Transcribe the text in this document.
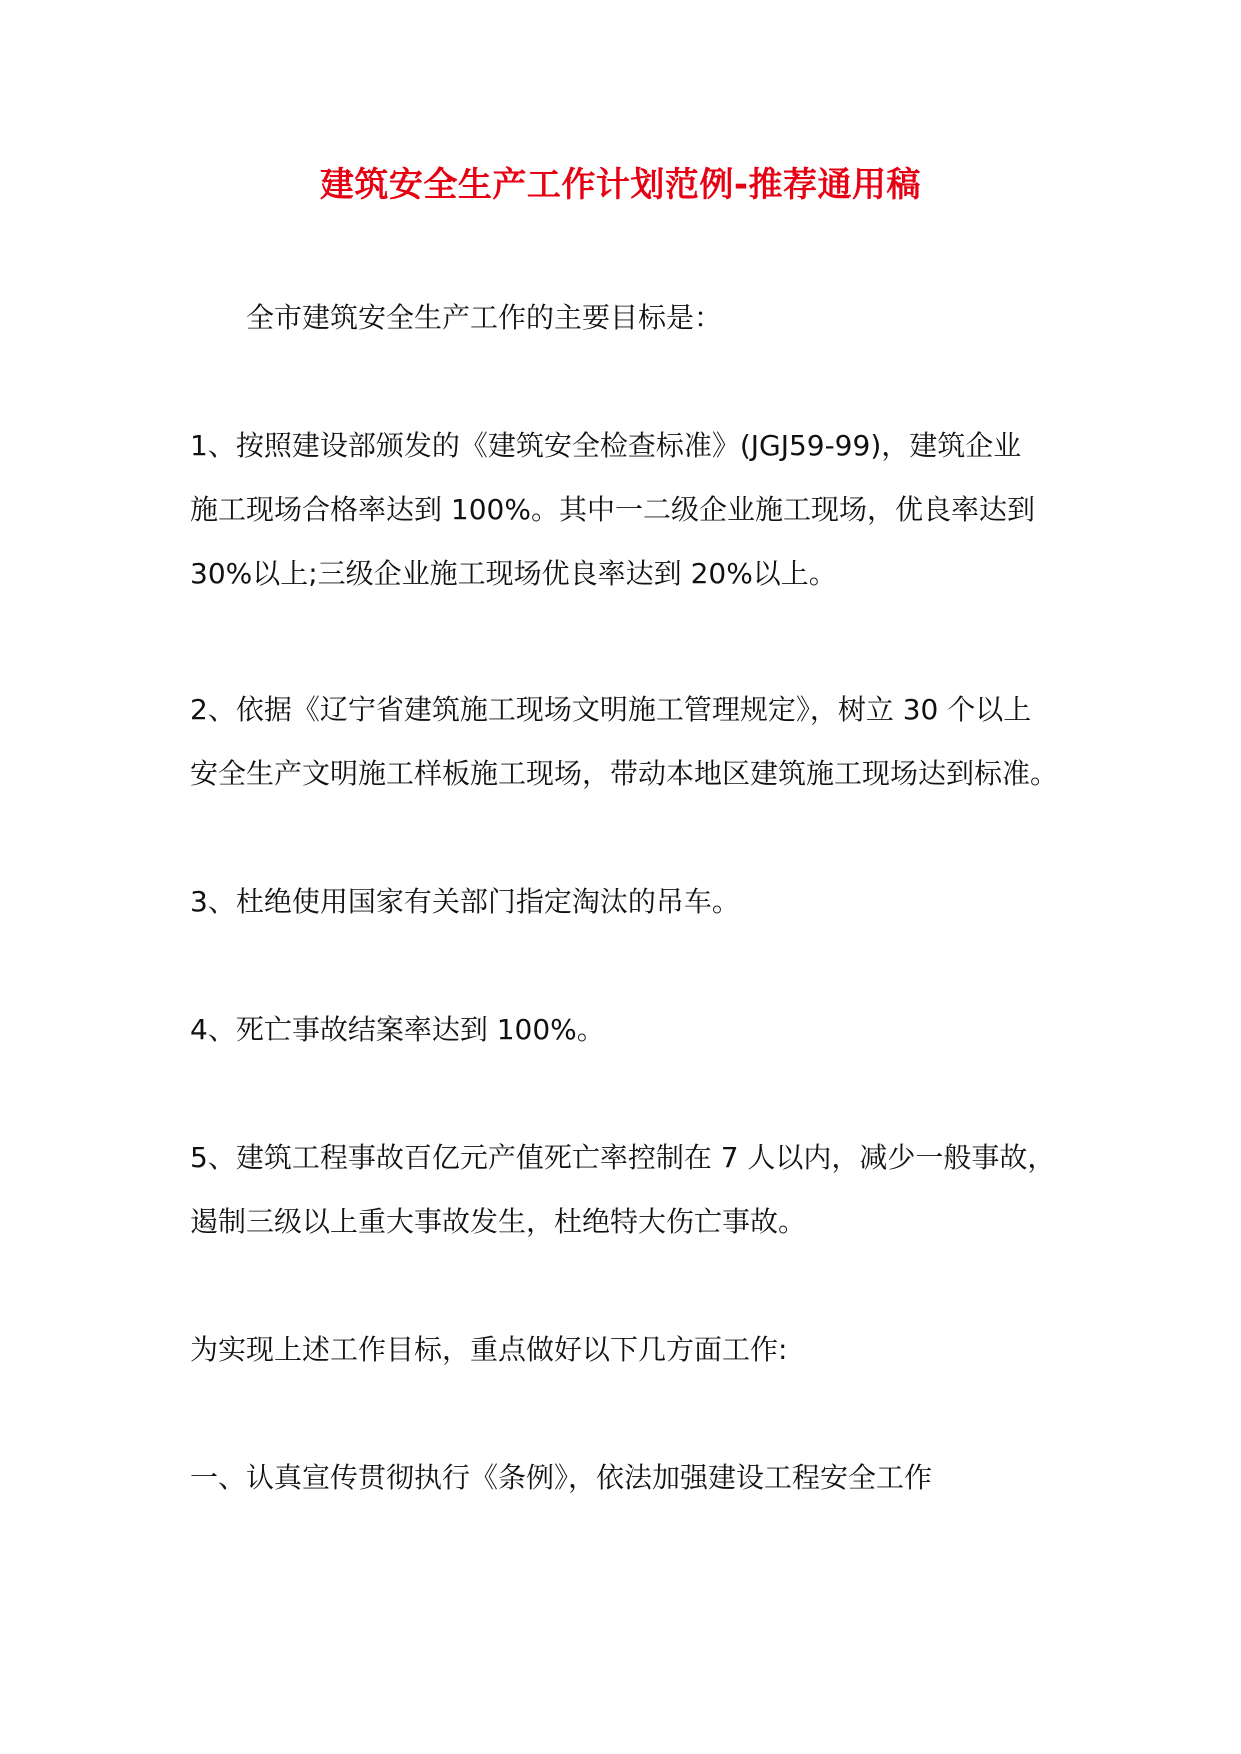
建筑安全生产工作计划范例-推荐通用稿
全市建筑安全生产工作的主要目标是：
1、按照建设部颁发的《建筑安全检查标准》(JGJ59-99)，建筑企业
施工现场合格率达到 100%。其中一二级企业施工现场，优良率达到
30%以上;三级企业施工现场优良率达到 20%以上。
2、依据《辽宁省建筑施工现场文明施工管理规定》，树立 30 个以上
安全生产文明施工样板施工现场，带动本地区建筑施工现场达到标准。
3、杜绝使用国家有关部门指定淘汰的吊车。
4、死亡事故结案率达到 100%。
5、建筑工程事故百亿元产值死亡率控制在 7 人以内，减少一般事故，
遏制三级以上重大事故发生，杜绝特大伤亡事故。
为实现上述工作目标，重点做好以下几方面工作:
一、认真宣传贯彻执行《条例》，依法加强建设工程安全工作
